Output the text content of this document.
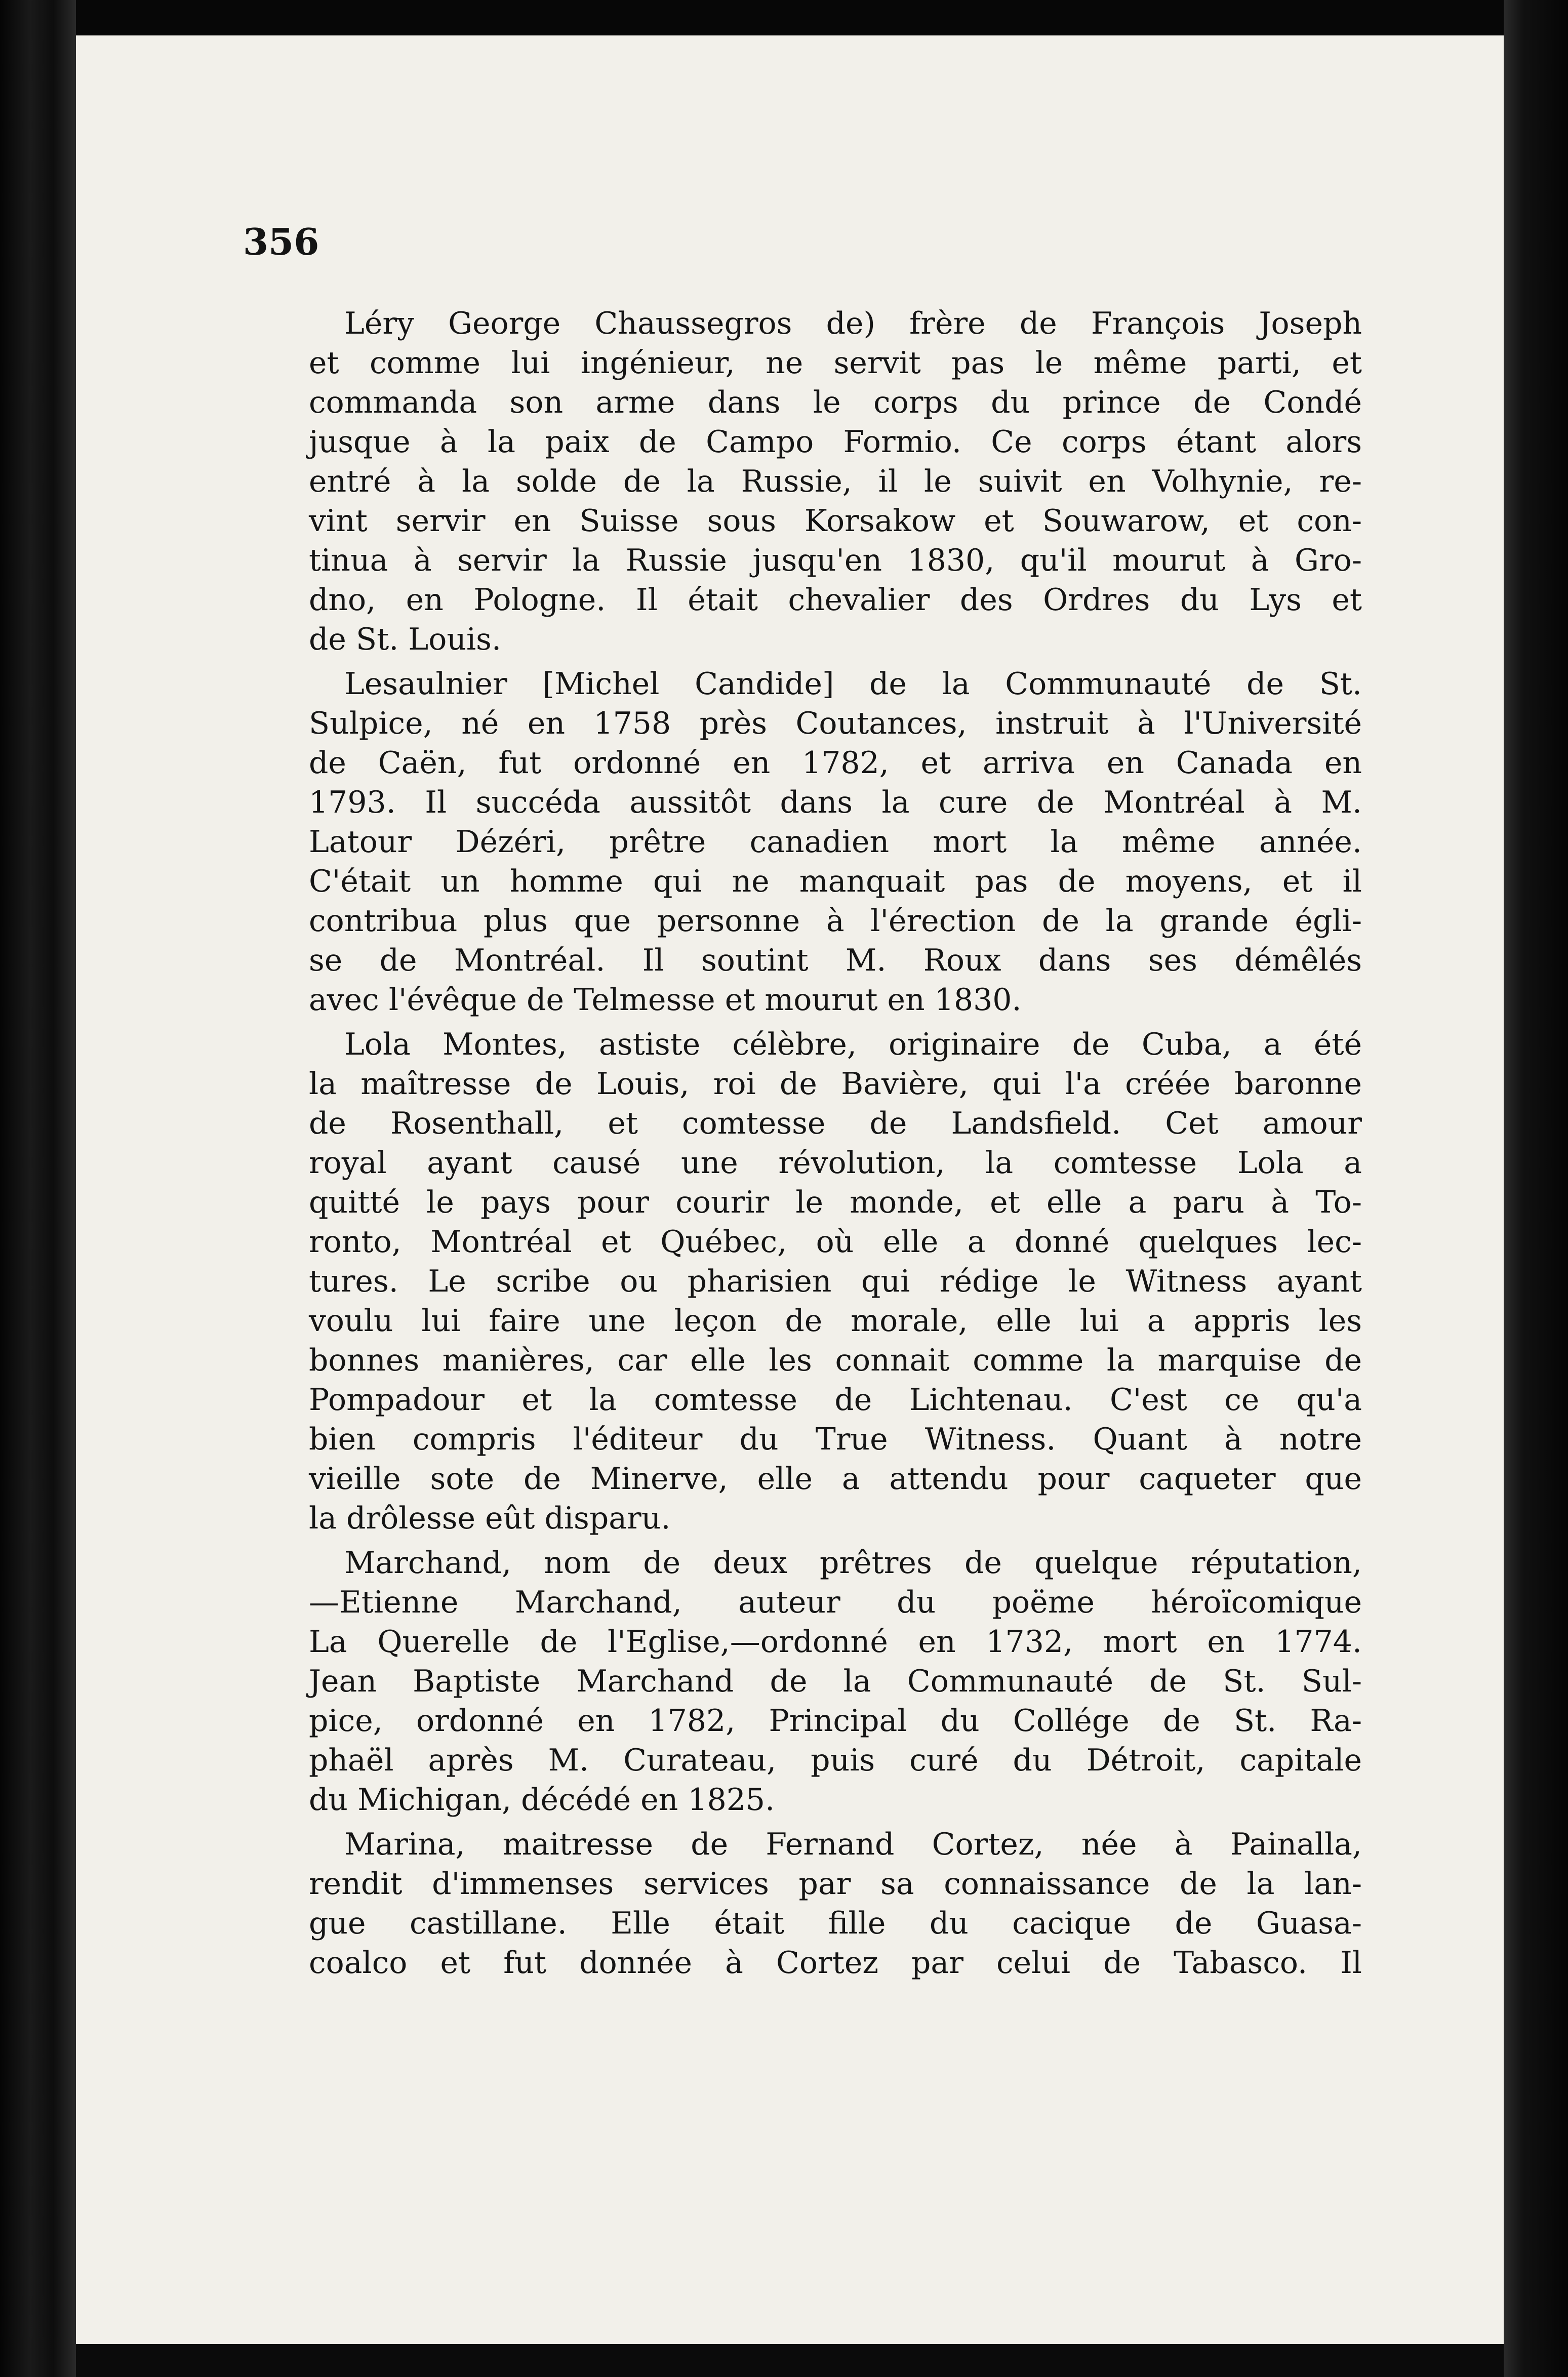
356

Léry George Chaussegros de) frère de François Joseph
et comme lui ingénieur, ne servit pas le même parti, et
commanda son arme dans le corps du prince de Condé
jusque à la paix de Campo Formio. Ce corps étant alors
entré à la solde de la Russie, il le suivit en Volhynie, re-
vint servir en Suisse sous Korsakow et Souwarow, et con-
tinua à servir la Russie jusqu'en 1830, qu'il mourut à Gro-
dno, en Pologne. Il était chevalier des Ordres du Lys et
de St. Louis.
Lesaulnier [Michel Candide] de la Communauté de St.
Sulpice, né en 1758 près Coutances, instruit à l'Université
de Caën, fut ordonné en 1782, et arriva en Canada en
1793. Il succéda aussitôt dans la cure de Montréal à M.
Latour Dézéri, prêtre canadien mort la même année.
C'était un homme qui ne manquait pas de moyens, et il
contribua plus que personne à l'érection de la grande égli-
se de Montréal. Il soutint M. Roux dans ses démêlés
avec l'évêque de Telmesse et mourut en 1830.
Lola Montes, astiste célèbre, originaire de Cuba, a été
la maîtresse de Louis, roi de Bavière, qui l'a créée baronne
de Rosenthall, et comtesse de Landsfield. Cet amour
royal ayant causé une révolution, la comtesse Lola a
quitté le pays pour courir le monde, et elle a paru à To-
ronto, Montréal et Québec, où elle a donné quelques lec-
tures. Le scribe ou pharisien qui rédige le Witness ayant
voulu lui faire une leçon de morale, elle lui a appris les
bonnes manières, car elle les connait comme la marquise de
Pompadour et la comtesse de Lichtenau. C'est ce qu'a
bien compris l'éditeur du True Witness. Quant à notre
vieille sote de Minerve, elle a attendu pour caqueter que
la drôlesse eût disparu.
Marchand, nom de deux prêtres de quelque réputation,
—Etienne Marchand, auteur du poëme héroïcomique
La Querelle de l'Eglise,—ordonné en 1732, mort en 1774.
Jean Baptiste Marchand de la Communauté de St. Sul-
pice, ordonné en 1782, Principal du Collége de St. Ra-
phaël après M. Curateau, puis curé du Détroit, capitale
du Michigan, décédé en 1825.
Marina, maitresse de Fernand Cortez, née à Painalla,
rendit d'immenses services par sa connaissance de la lan-
gue castillane. Elle était fille du cacique de Guasa-
coalco et fut donnée à Cortez par celui de Tabasco. Il
